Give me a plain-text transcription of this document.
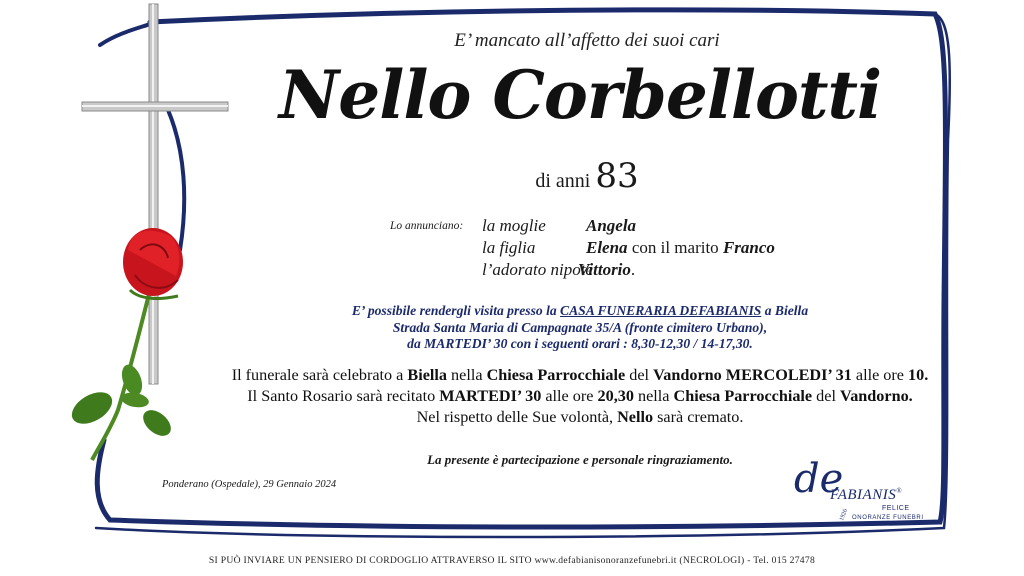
E’ mancato all’affetto dei suoi cari
Nello Corbellotti
di anni 83
Lo annunciano: la moglie Angela
la figlia	Elena con il marito Franco
l’adorato nipote
Vittorio.
E’ possibile rendergli visita presso la CASA FUNERARIA DEFABIANIS a Biella
Strada Santa Maria di Campagnate 35/A (fronte cimitero Urbano),
da MARTEDI’ 30 con i seguenti orari : 8,30-12,30 / 14-17,30.
Il funerale sarà celebrato a Biella nella Chiesa Parrocchiale del Vandorno MERCOLEDI’ 31 alle ore 10.
Il Santo Rosario sarà recitato MARTEDI’ 30 alle ore 20,30 nella Chiesa Parrocchiale del Vandorno.
Nel rispetto delle Sue volontà, Nello sarà cremato.
La presente è partecipazione e personale ringraziamento.
Ponderano (Ospedale), 29 Gennaio 2024	de
FABIANIS®
FELICE
1926 ONORANZE FUNEBRI
SI PUÒ INVIARE UN PENSIERO DI CORDOGLIO ATTRAVERSO IL SITO www.defabianisonoranzefunebri.it (NECROLOGI) - Tel. 015 27478
